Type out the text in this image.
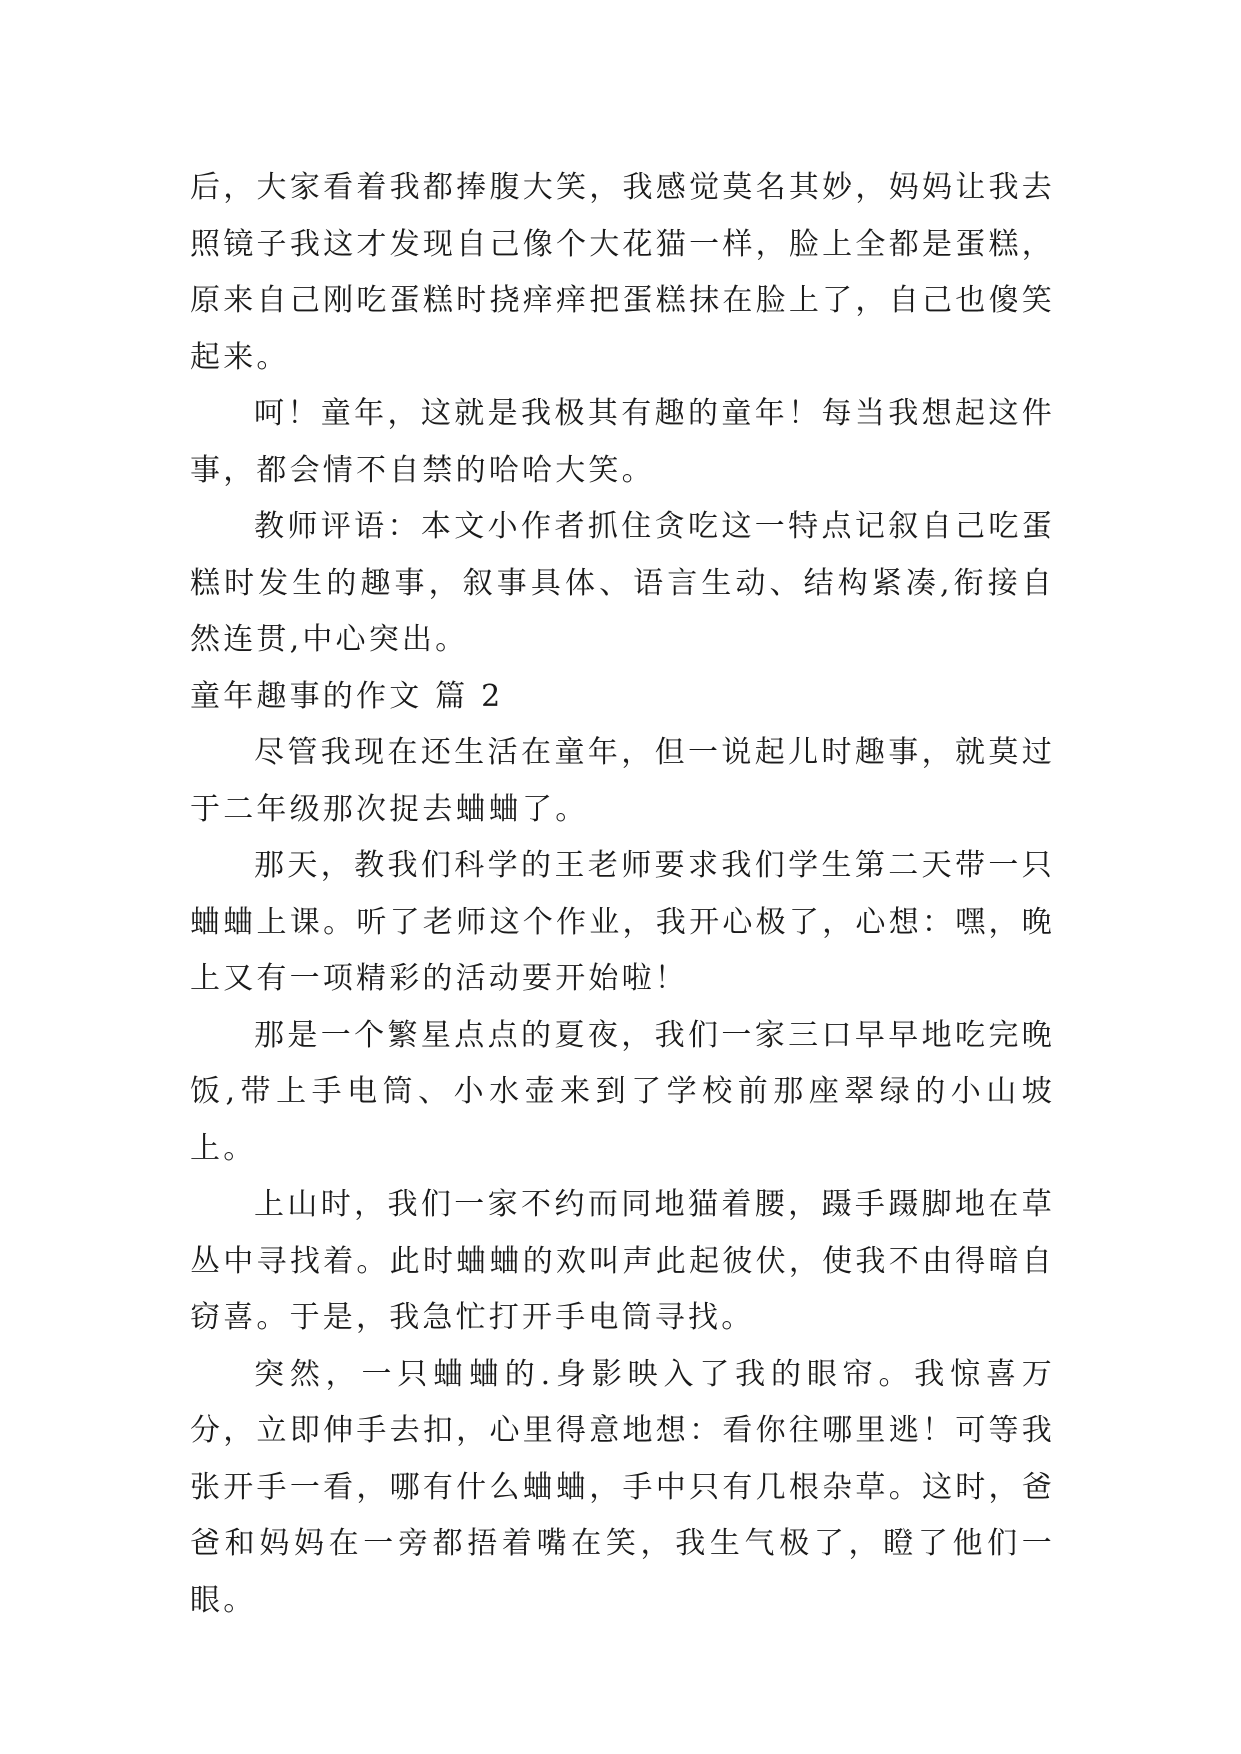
后，大家看着我都捧腹大笑，我感觉莫名其妙，妈妈让我去照镜子我这才发现自己像个大花猫一样，脸上全都是蛋糕，原来自己刚吃蛋糕时挠痒痒把蛋糕抹在脸上了，自己也傻笑起来。

呵！童年，这就是我极其有趣的童年！每当我想起这件事，都会情不自禁的哈哈大笑。

教师评语：本文小作者抓住贪吃这一特点记叙自己吃蛋糕时发生的趣事，叙事具体、语言生动、结构紧凑,衔接自然连贯,中心突出。

童年趣事的作文 篇 2

尽管我现在还生活在童年，但一说起儿时趣事，就莫过于二年级那次捉去蛐蛐了。

那天，教我们科学的王老师要求我们学生第二天带一只蛐蛐上课。听了老师这个作业，我开心极了，心想：嘿，晚上又有一项精彩的活动要开始啦！

那是一个繁星点点的夏夜，我们一家三口早早地吃完晚饭,带上手电筒、小水壶来到了学校前那座翠绿的小山坡上。

上山时，我们一家不约而同地猫着腰，蹑手蹑脚地在草丛中寻找着。此时蛐蛐的欢叫声此起彼伏，使我不由得暗自窃喜。于是，我急忙打开手电筒寻找。

突然，一只蛐蛐的.身影映入了我的眼帘。我惊喜万分，立即伸手去扣，心里得意地想：看你往哪里逃！可等我张开手一看，哪有什么蛐蛐，手中只有几根杂草。这时，爸爸和妈妈在一旁都捂着嘴在笑，我生气极了，瞪了他们一眼。
